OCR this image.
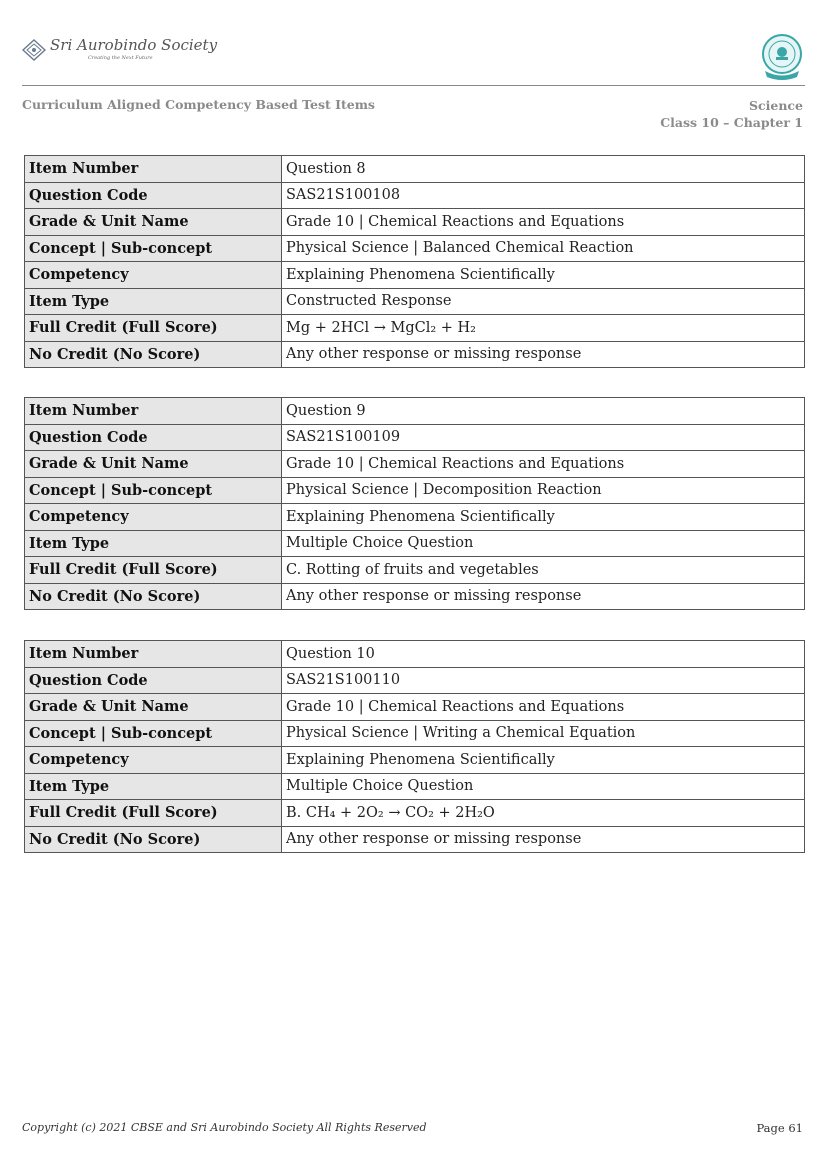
Sri Aurobindo Society
Creating the Next Future
Curriculum Aligned Competency Based Test Items	Science
Class 10 – Chapter 1
Item Number	Question 8
Question Code	SAS21S100108
Grade & Unit Name	Grade 10 | Chemical Reactions and Equations
Concept | Sub-concept	Physical Science | Balanced Chemical Reaction
Competency	Explaining Phenomena Scientifically
Item Type	Constructed Response
Full Credit (Full Score)	Mg + 2HCl → MgCl₂ + H₂
No Credit (No Score)	Any other response or missing response
Item Number	Question 9
Question Code	SAS21S100109
Grade & Unit Name	Grade 10 | Chemical Reactions and Equations
Concept | Sub-concept	Physical Science | Decomposition Reaction
Competency	Explaining Phenomena Scientifically
Item Type	Multiple Choice Question
Full Credit (Full Score)	C. Rotting of fruits and vegetables
No Credit (No Score)	Any other response or missing response
Item Number	Question 10
Question Code	SAS21S100110
Grade & Unit Name	Grade 10 | Chemical Reactions and Equations
Concept | Sub-concept	Physical Science | Writing a Chemical Equation
Competency	Explaining Phenomena Scientifically
Item Type	Multiple Choice Question
Full Credit (Full Score)	B. CH₄ + 2O₂ → CO₂ + 2H₂O
No Credit (No Score)	Any other response or missing response
Copyright (c) 2021 CBSE and Sri Aurobindo Society All Rights Reserved	Page 61
